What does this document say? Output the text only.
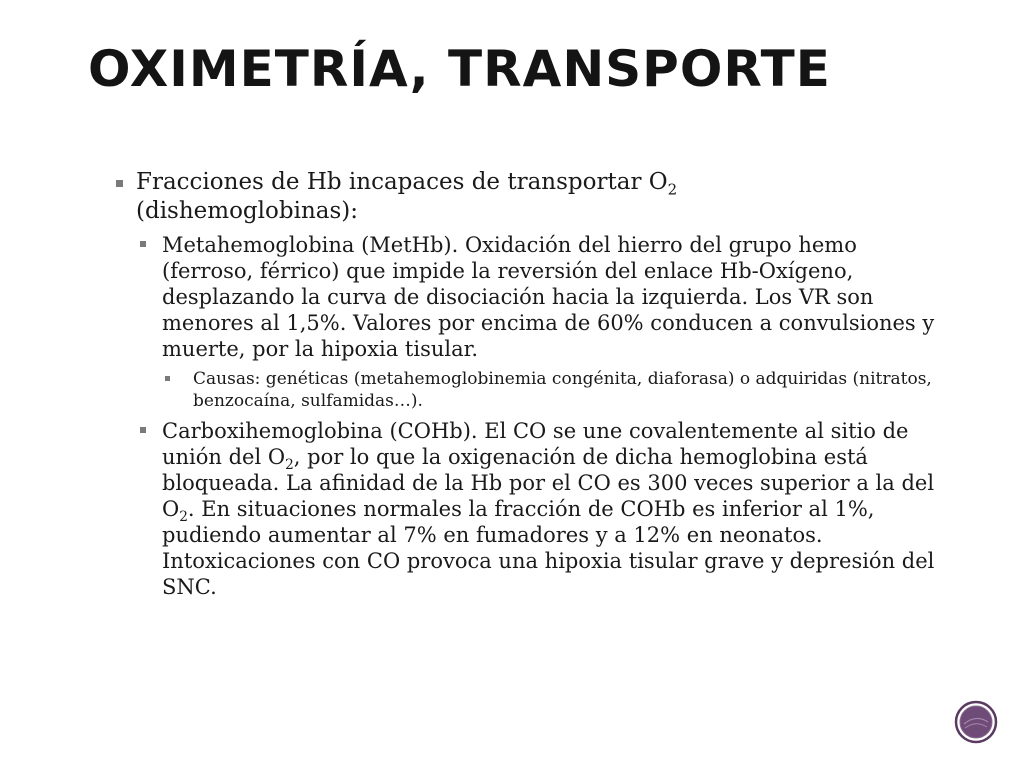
OXIMETRÍA, TRANSPORTE
Fracciones de Hb incapaces de transportar $O_2$
(dishemoglobinas):
Metahemoglobina (MetHb). Oxidación del hierro del grupo hemo (ferroso, férrico) que impide la reversión del enlace Hb-Oxígeno, desplazando la curva de disociación hacia la izquierda. Los VR son menores al 1,5%. Valores por encima de 60% conducen a convulsiones y muerte, por la hipoxia tisular.
Causas: genéticas (metahemoglobinemia congénita, diaforasa) o adquiridas (nitratos, benzocaína, sulfamidas…).
Carboxihemoglobina (COHb). El CO se une covalentemente al sitio de unión del $O_2$, por lo que la oxigenación de dicha hemoglobina está bloqueada. La afinidad de la Hb por el CO es 300 veces superior a la del $O_2$. En situaciones normales la fracción de COHb es inferior al 1%, pudiendo aumentar al 7% en fumadores y a 12% en neonatos. Intoxicaciones con CO provoca una hipoxia tisular grave y depresión del SNC.
